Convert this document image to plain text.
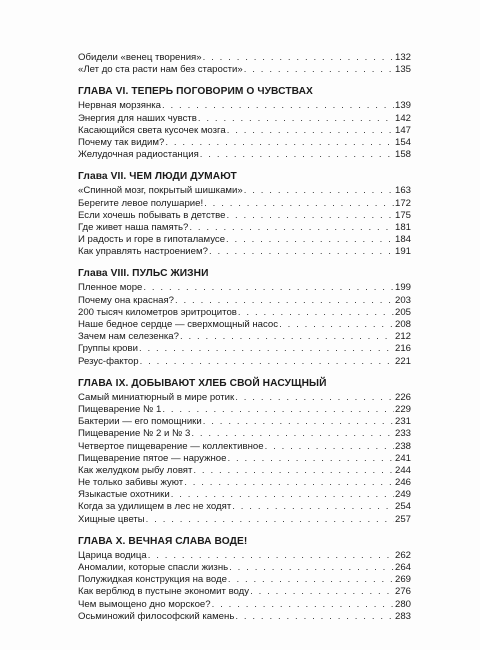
Обидели «венец творения» . . .	132
«Лет до ста расти нам без старости» . . .	135
ГЛАВА VI. ТЕПЕРЬ ПОГОВОРИМ О ЧУВСТВАХ
Нервная морзянка . . .	139
Энергия для наших чувств . . .	142
Касающийся света кусочек мозга . . .	147
Почему так видим? . . .	154
Желудочная радиостанция . . .	158
Глава VII. ЧЕМ ЛЮДИ ДУМАЮТ
«Спинной мозг, покрытый шишками» . . .	163
Берегите левое полушарие! . . .	172
Если хочешь побывать в детстве . . .	175
Где живет наша память? . . .	181
И радость и горе в гипоталамусе . . .	184
Как управлять настроением? . . .	191
Глава VIII. ПУЛЬС ЖИЗНИ
Пленное море . . .	199
Почему она красная? . . .	203
200 тысяч километров эритроцитов . . .	205
Наше бедное сердце — сверхмощный насос . . .	208
Зачем нам селезенка? . . .	212
Группы крови . . .	216
Резус-фактор . . .	221
ГЛАВА IX. ДОБЫВАЮТ ХЛЕБ СВОЙ НАСУЩНЫЙ
Самый миниатюрный в мире ротик . . .	226
Пищеварение № 1 . . .	229
Бактерии — его помощники . . .	231
Пищеварение № 2 и № 3 . . .	233
Четвертое пищеварение — коллективное . . .	238
Пищеварение пятое — наружное . . .	241
Как желудком рыбу ловят . . .	244
Не только забивы жуют . . .	246
Языкастые охотники . . .	249
Когда за удилищем в лес не ходят . . .	254
Хищные цветы . . .	257
ГЛАВА X. ВЕЧНАЯ СЛАВА ВОДЕ!
Царица водица . . .	262
Аномалии, которые спасли жизнь . . .	264
Полужидкая конструкция на воде . . .	269
Как верблюд в пустыне экономит воду . . .	276
Чем вымощено дно морское? . . .	280
Осьминожий философский камень . . .	283
